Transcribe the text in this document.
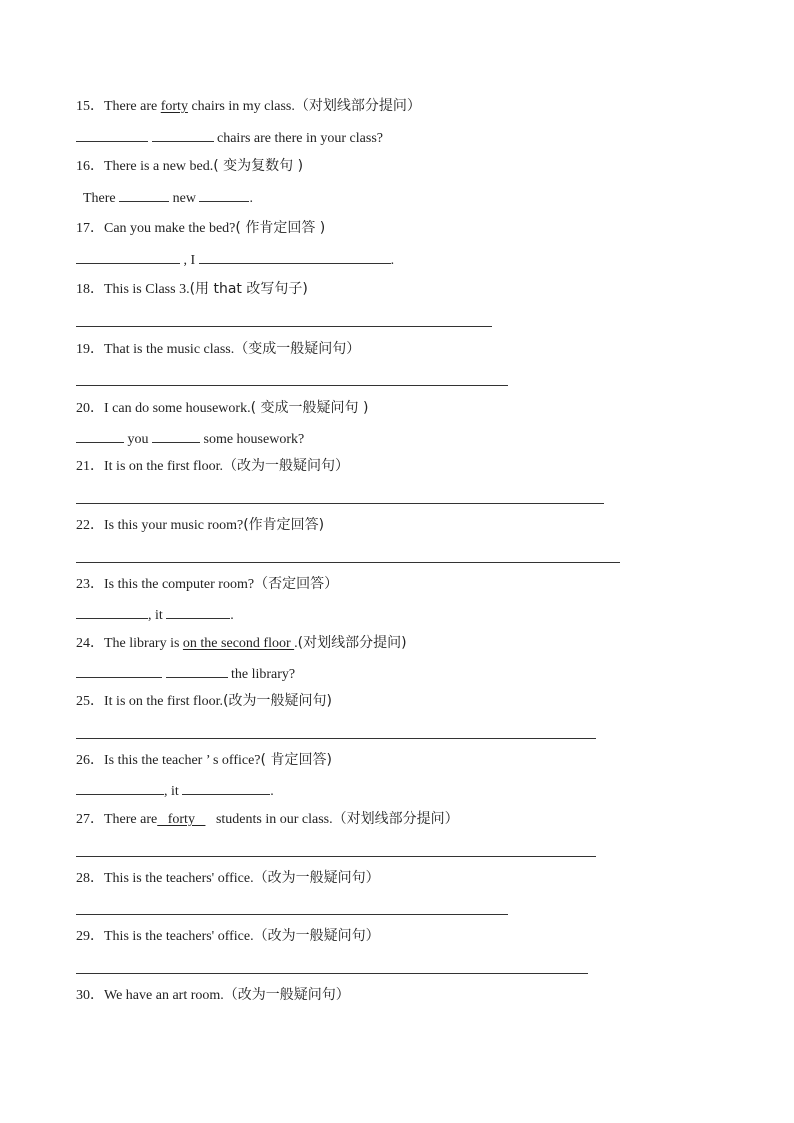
15．There are forty chairs in my class.（对划线部分提问）
chairs are there in your class?
16．There is a new bed.( 变为复数句 )
There	new	.
17．Can you make the bed?( 作肯定回答 )
, I	.
18．This is Class 3.(用 that 改写句子)
19．That is the music class.（变成一般疑问句）
20．I can do some housework.( 变成一般疑问句 )
you	some housework?
21．It is on the first floor.（改为一般疑问句）
22．Is this your music room?(作肯定回答)
23．Is this the computer room?（否定回答）
, it	.
24．The library is on the second floor .(对划线部分提问)
the library?
25．It is on the first floor.(改为一般疑问句)
26．Is this the teacher ’ s office?( 肯定回答)
, it	.
27．There are   forty      students in our class.（对划线部分提问）
28．This is the teachers' office.（改为一般疑问句）
29．This is the teachers' office.（改为一般疑问句）
30．We have an art room.（改为一般疑问句）
